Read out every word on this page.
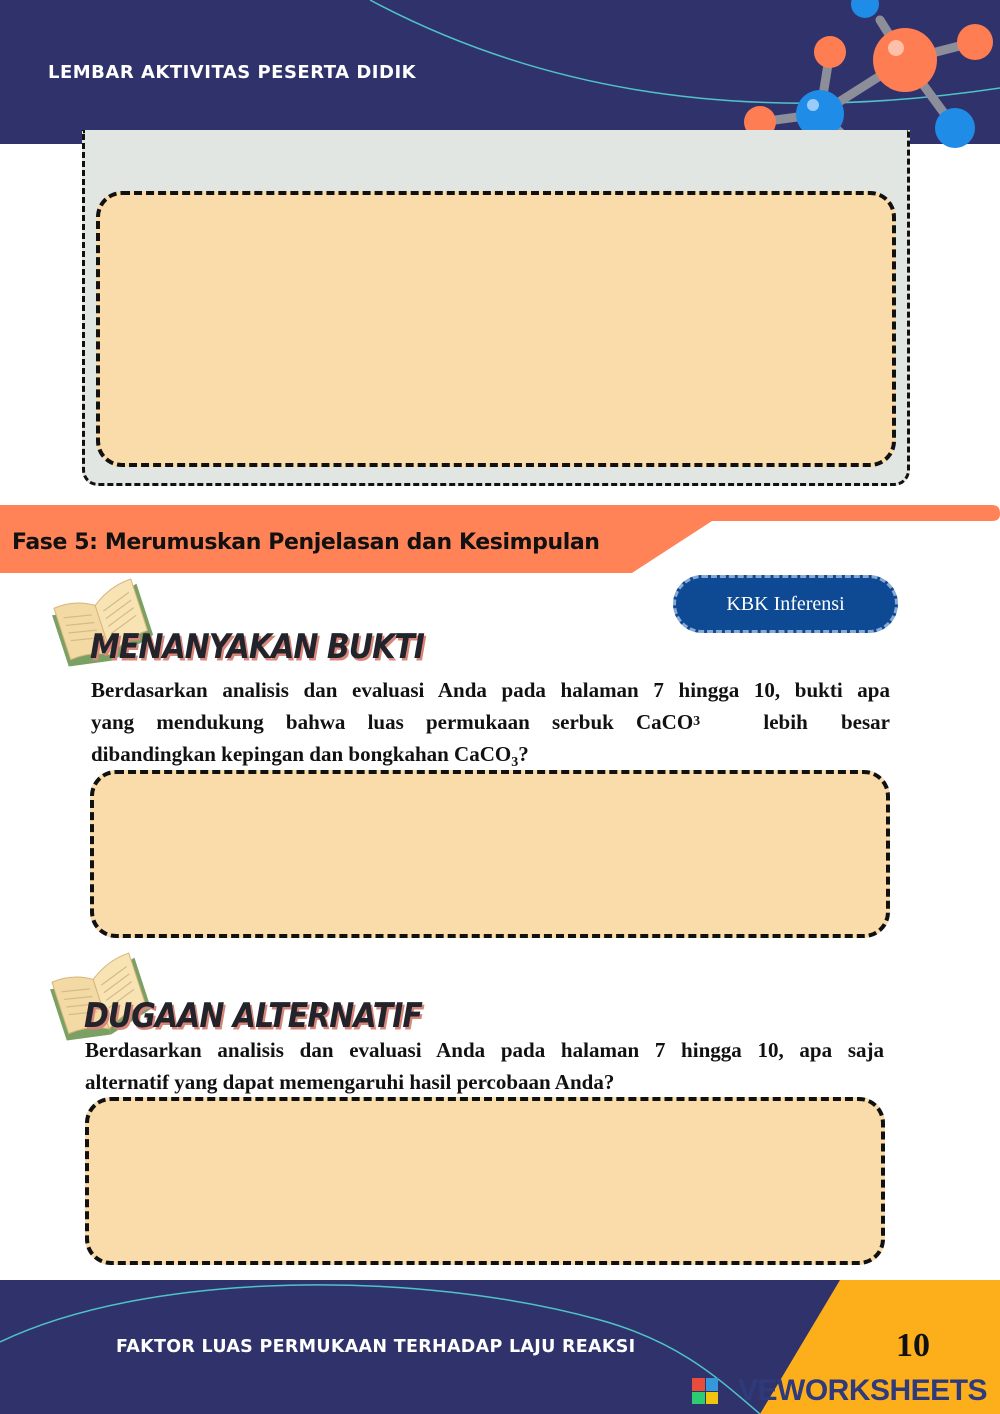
LEMBAR AKTIVITAS PESERTA DIDIK
Fase 5: Merumuskan Penjelasan dan Kesimpulan
KBK Inferensi
MENANYAKAN BUKTI
Berdasarkan analisis dan evaluasi Anda pada halaman 7 hingga 10, bukti apa
yang mendukung bahwa luas permukaan serbuk CaCO 3	lebih besar
dibandingkan kepingan dan bongkahan CaCO$_3$?
DUGAAN ALTERNATIF
Berdasarkan analisis dan evaluasi Anda pada halaman 7 hingga 10, apa saja
alternatif yang dapat memengaruhi hasil percobaan Anda?
FAKTOR LUAS PERMUKAAN TERHADAP LAJU REAKSI	10
VEWORKSHEETS
